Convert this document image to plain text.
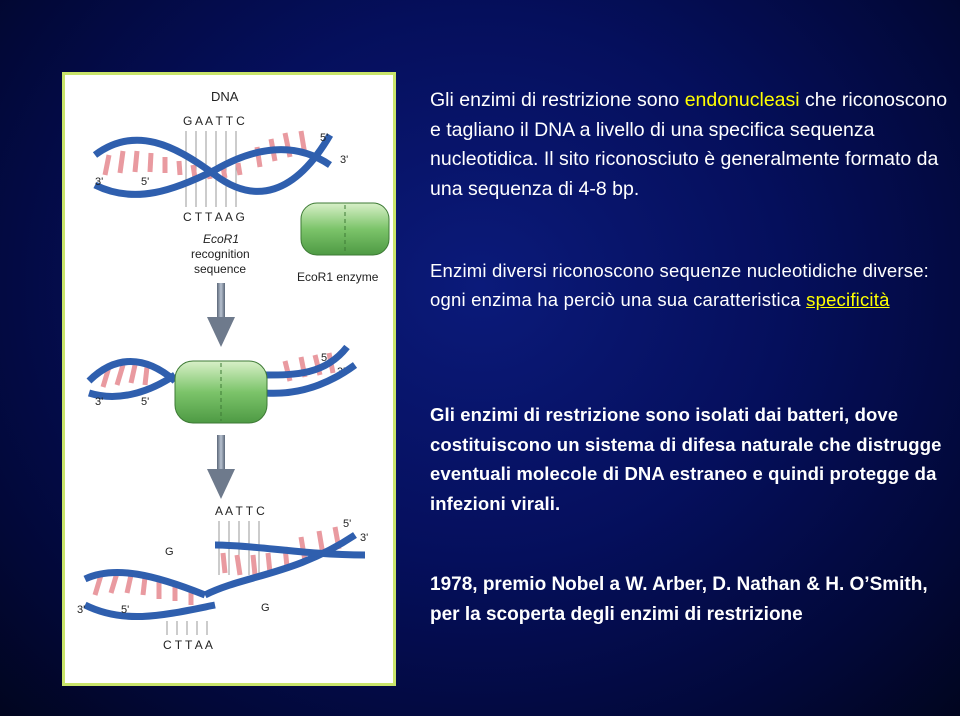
DNA
G A A T T C
5'
3'
3'	5'
C T T A A G
EcoR1
recognition
sequence
EcoR1 enzyme
5'
3'
3'	5'
A A T T C
5'
3'
G
3'	5'	G
C T T A A

Gli enzimi di restrizione sono endonucleasi che riconoscono e tagliano il DNA a livello di una specifica sequenza nucleotidica. Il sito riconosciuto è generalmente formato da una sequenza di 4-8 bp.

Enzimi diversi riconoscono sequenze nucleotidiche diverse: ogni enzima ha perciò una sua caratteristica specificità

Gli enzimi di restrizione sono isolati dai batteri, dove costituiscono un sistema di difesa naturale che distrugge eventuali molecole di DNA estraneo e quindi protegge da infezioni virali.

1978, premio Nobel a W. Arber, D. Nathan & H. O’Smith, per la scoperta degli enzimi di restrizione
